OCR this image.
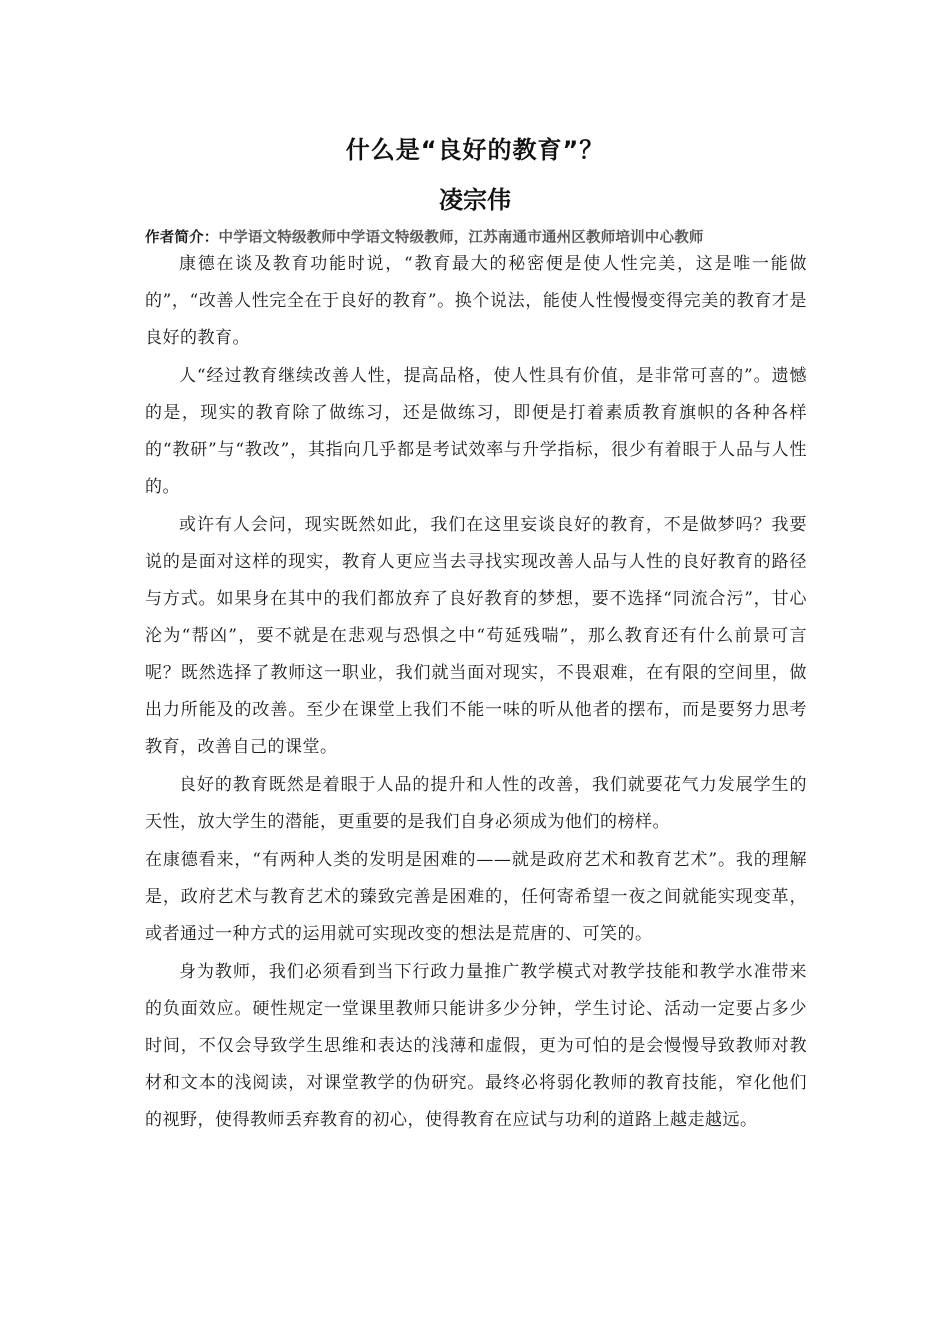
什么是“良好的教育”？
凌宗伟
作者简介：中学语文特级教师中学语文特级教师，江苏南通市通州区教师培训中心教师

康德在谈及教育功能时说，“教育最大的秘密便是使人性完美，这是唯一能做的”，“改善人性完全在于良好的教育”。换个说法，能使人性慢慢变得完美的教育才是良好的教育。

人“经过教育继续改善人性，提高品格，使人性具有价值，是非常可喜的”。遗憾的是，现实的教育除了做练习，还是做练习，即便是打着素质教育旗帜的各种各样的“教研”与“教改”，其指向几乎都是考试效率与升学指标，很少有着眼于人品与人性的。

或许有人会问，现实既然如此，我们在这里妄谈良好的教育，不是做梦吗？我要说的是面对这样的现实，教育人更应当去寻找实现改善人品与人性的良好教育的路径与方式。如果身在其中的我们都放弃了良好教育的梦想，要不选择“同流合污”，甘心沦为“帮凶”，要不就是在悲观与恐惧之中“苟延残喘”，那么教育还有什么前景可言呢？既然选择了教师这一职业，我们就当面对现实，不畏艰难，在有限的空间里，做出力所能及的改善。至少在课堂上我们不能一味的听从他者的摆布，而是要努力思考教育，改善自己的课堂。

良好的教育既然是着眼于人品的提升和人性的改善，我们就要花气力发展学生的天性，放大学生的潜能，更重要的是我们自身必须成为他们的榜样。

在康德看来，“有两种人类的发明是困难的——就是政府艺术和教育艺术”。我的理解是，政府艺术与教育艺术的臻致完善是困难的，任何寄希望一夜之间就能实现变革，或者通过一种方式的运用就可实现改变的想法是荒唐的、可笑的。

身为教师，我们必须看到当下行政力量推广教学模式对教学技能和教学水准带来的负面效应。硬性规定一堂课里教师只能讲多少分钟，学生讨论、活动一定要占多少时间，不仅会导致学生思维和表达的浅薄和虚假，更为可怕的是会慢慢导致教师对教材和文本的浅阅读，对课堂教学的伪研究。最终必将弱化教师的教育技能，窄化他们的视野，使得教师丢弃教育的初心，使得教育在应试与功利的道路上越走越远。
